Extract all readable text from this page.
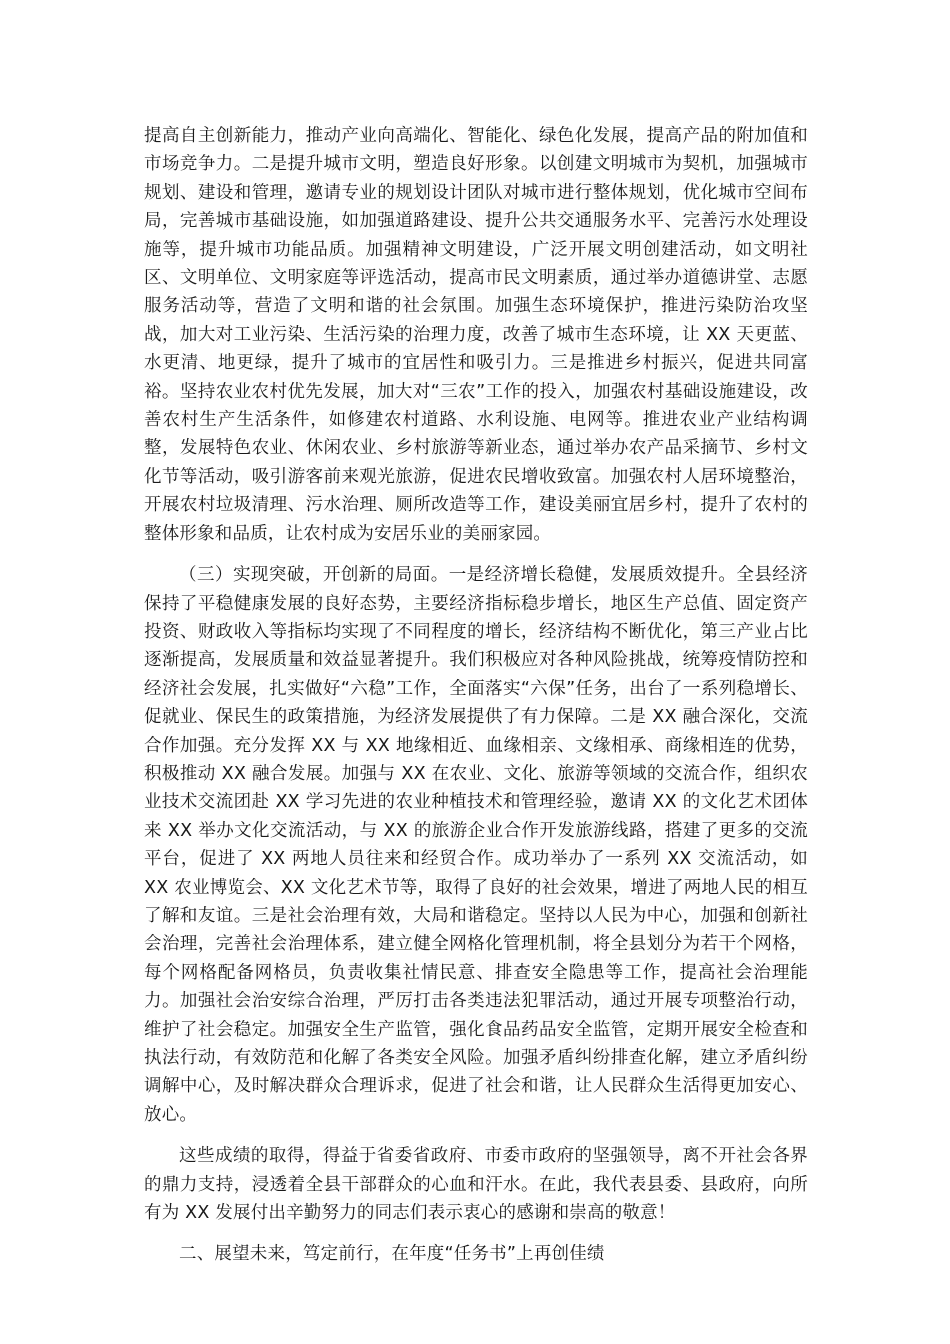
提高自主创新能力，推动产业向高端化、智能化、绿色化发展，提高产品的附加值和市场竞争力。二是提升城市文明，塑造良好形象。以创建文明城市为契机，加强城市规划、建设和管理，邀请专业的规划设计团队对城市进行整体规划，优化城市空间布局，完善城市基础设施，如加强道路建设、提升公共交通服务水平、完善污水处理设施等，提升城市功能品质。加强精神文明建设，广泛开展文明创建活动，如文明社区、文明单位、文明家庭等评选活动，提高市民文明素质，通过举办道德讲堂、志愿服务活动等，营造了文明和谐的社会氛围。加强生态环境保护，推进污染防治攻坚战，加大对工业污染、生活污染的治理力度，改善了城市生态环境，让 XX 天更蓝、水更清、地更绿，提升了城市的宜居性和吸引力。三是推进乡村振兴，促进共同富裕。坚持农业农村优先发展，加大对“三农”工作的投入，加强农村基础设施建设，改善农村生产生活条件，如修建农村道路、水利设施、电网等。推进农业产业结构调整，发展特色农业、休闲农业、乡村旅游等新业态，通过举办农产品采摘节、乡村文化节等活动，吸引游客前来观光旅游，促进农民增收致富。加强农村人居环境整治，开展农村垃圾清理、污水治理、厕所改造等工作，建设美丽宜居乡村，提升了农村的整体形象和品质，让农村成为安居乐业的美丽家园。

（三）实现突破，开创新的局面。一是经济增长稳健，发展质效提升。全县经济保持了平稳健康发展的良好态势，主要经济指标稳步增长，地区生产总值、固定资产投资、财政收入等指标均实现了不同程度的增长，经济结构不断优化，第三产业占比逐渐提高，发展质量和效益显著提升。我们积极应对各种风险挑战，统筹疫情防控和经济社会发展，扎实做好“六稳”工作，全面落实“六保”任务，出台了一系列稳增长、促就业、保民生的政策措施，为经济发展提供了有力保障。二是 XX 融合深化，交流合作加强。充分发挥 XX 与 XX 地缘相近、血缘相亲、文缘相承、商缘相连的优势，积极推动 XX 融合发展。加强与 XX 在农业、文化、旅游等领域的交流合作，组织农业技术交流团赴 XX 学习先进的农业种植技术和管理经验，邀请 XX 的文化艺术团体来 XX 举办文化交流活动，与 XX 的旅游企业合作开发旅游线路，搭建了更多的交流平台，促进了 XX 两地人员往来和经贸合作。成功举办了一系列 XX 交流活动，如 XX 农业博览会、XX 文化艺术节等，取得了良好的社会效果，增进了两地人民的相互了解和友谊。三是社会治理有效，大局和谐稳定。坚持以人民为中心，加强和创新社会治理，完善社会治理体系，建立健全网格化管理机制，将全县划分为若干个网格，每个网格配备网格员，负责收集社情民意、排查安全隐患等工作，提高社会治理能力。加强社会治安综合治理，严厉打击各类违法犯罪活动，通过开展专项整治行动，维护了社会稳定。加强安全生产监管，强化食品药品安全监管，定期开展安全检查和执法行动，有效防范和化解了各类安全风险。加强矛盾纠纷排查化解，建立矛盾纠纷调解中心，及时解决群众合理诉求，促进了社会和谐，让人民群众生活得更加安心、放心。

这些成绩的取得，得益于省委省政府、市委市政府的坚强领导，离不开社会各界的鼎力支持，浸透着全县干部群众的心血和汗水。在此，我代表县委、县政府，向所有为 XX 发展付出辛勤努力的同志们表示衷心的感谢和崇高的敬意！

二、展望未来，笃定前行，在年度“任务书”上再创佳绩
